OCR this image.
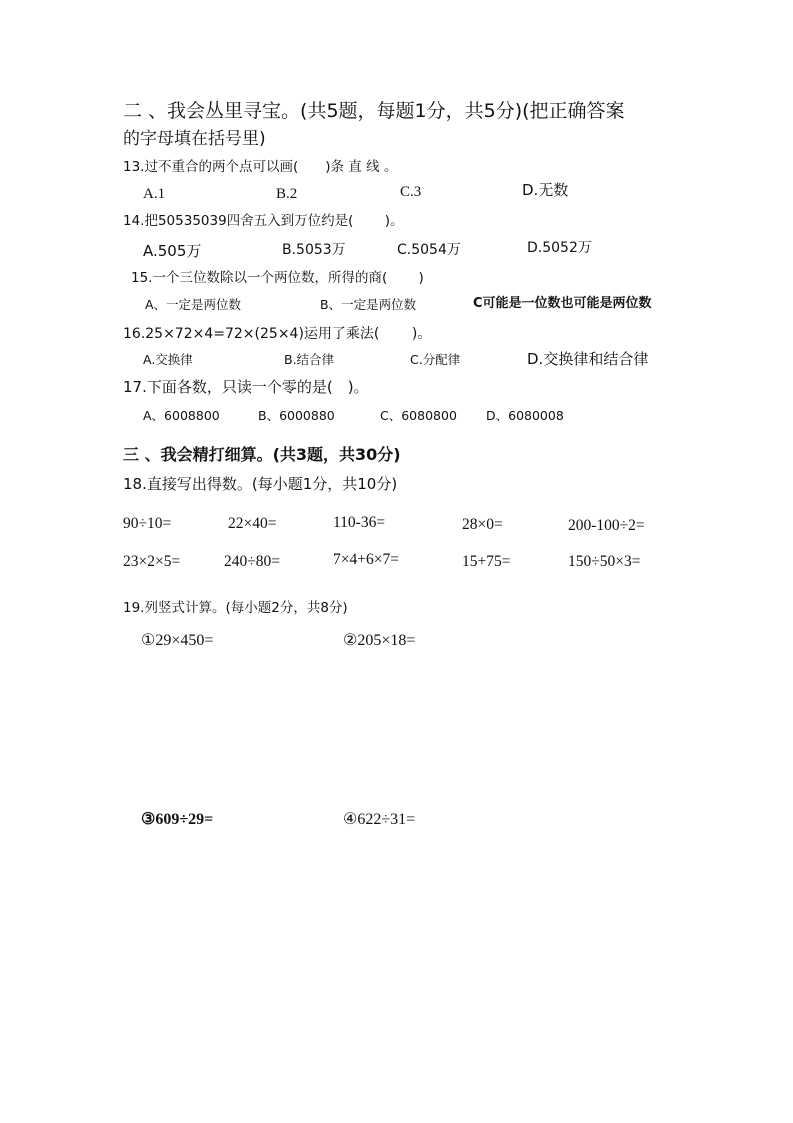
二 、我会丛里寻宝。(共5题，每题1分，共5分)(把正确答案
的字母填在括号里)
13.过不重合的两个点可以画(　　)条 直 线 。
A.1	B.2	C.3	D.无数
14.把50535039四舍五入到万位约是(　　 )。
A.505万	B.5053万	C.5054万	D.5052万
15.一个三位数除以一个两位数，所得的商(　　 )
A、一定是两位数	B、一定是两位数	C可能是一位数也可能是两位数
16.25×72×4=72×(25×4)运用了乘法(　　 )。
A.交换律	B.结合律	C.分配律	D.交换律和结合律
17.下面各数，只读一个零的是(　)。
A、6008800	B、6000880	C、6080800 D、6080008
三 、我会精打细算。(共3题，共30分)
18.直接写出得数。(每小题1分，共10分)
90÷10=	22×40=	110-36=	28×0=	200-100÷2=
23×2×5=	240÷80=	7×4+6×7=	15+75=	150÷50×3=
19.列竖式计算。(每小题2分，共8分)
①29×450=	②205×18=
③609÷29=	④622÷31=
